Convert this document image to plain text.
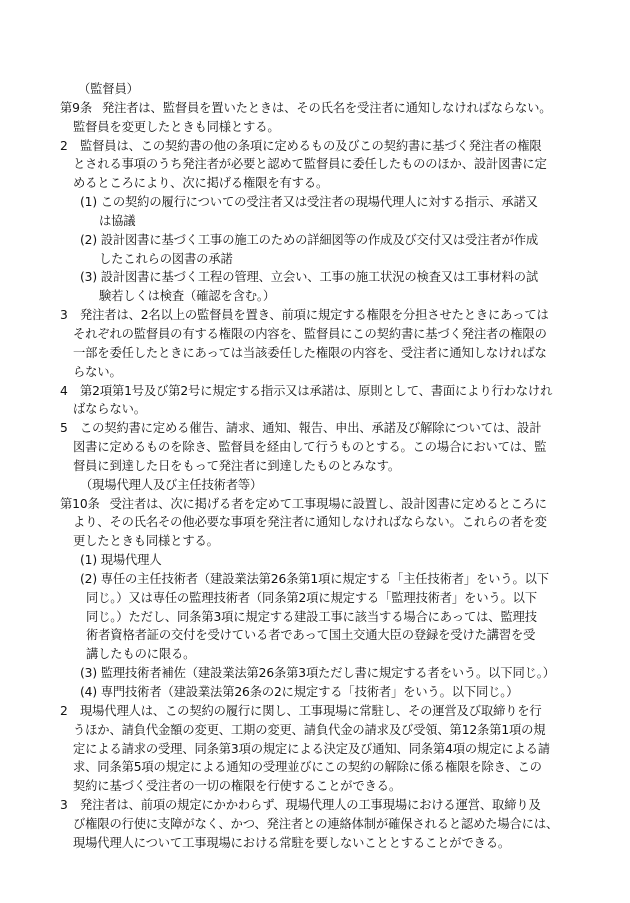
（監督員）
第9条 発注者は、監督員を置いたときは、その氏名を受注者に通知しなければならない。
監督員を変更したときも同様とする。
2 監督員は、この契約書の他の条項に定めるもの及びこの契約書に基づく発注者の権限
とされる事項のうち発注者が必要と認めて監督員に委任したもののほか、設計図書に定
めるところにより、次に掲げる権限を有する。
(1) この契約の履行についての受注者又は受注者の現場代理人に対する指示、承諾又
は協議
(2) 設計図書に基づく工事の施工のための詳細図等の作成及び交付又は受注者が作成
したこれらの図書の承諾
(3) 設計図書に基づく工程の管理、立会い、工事の施工状況の検査又は工事材料の試
験若しくは検査（確認を含む。）
3 発注者は、2名以上の監督員を置き、前項に規定する権限を分担させたときにあっては
それぞれの監督員の有する権限の内容を、監督員にこの契約書に基づく発注者の権限の
一部を委任したときにあっては当該委任した権限の内容を、受注者に通知しなければな
らない。
4 第2項第1号及び第2号に規定する指示又は承諾は、原則として、書面により行わなけれ
ばならない。
5 この契約書に定める催告、請求、通知、報告、申出、承諾及び解除については、設計
図書に定めるものを除き、監督員を経由して行うものとする。この場合においては、監
督員に到達した日をもって発注者に到達したものとみなす。
（現場代理人及び主任技術者等）
第10条 受注者は、次に掲げる者を定めて工事現場に設置し、設計図書に定めるところに
より、その氏名その他必要な事項を発注者に通知しなければならない。これらの者を変
更したときも同様とする。
(1) 現場代理人
(2) 専任の主任技術者（建設業法第26条第1項に規定する「主任技術者」をいう。以下
同じ。）又は専任の監理技術者（同条第2項に規定する「監理技術者」をいう。以下
同じ。）ただし、同条第3項に規定する建設工事に該当する場合にあっては、監理技
術者資格者証の交付を受けている者であって国土交通大臣の登録を受けた講習を受
講したものに限る。
(3) 監理技術者補佐（建設業法第26条第3項ただし書に規定する者をいう。以下同じ。）
(4) 専門技術者（建設業法第26条の2に規定する「技術者」をいう。以下同じ。）
2 現場代理人は、この契約の履行に関し、工事現場に常駐し、その運営及び取締りを行
うほか、請負代金額の変更、工期の変更、請負代金の請求及び受領、第12条第1項の規
定による請求の受理、同条第3項の規定による決定及び通知、同条第4項の規定による請
求、同条第5項の規定による通知の受理並びにこの契約の解除に係る権限を除き、この
契約に基づく受注者の一切の権限を行使することができる。
3 発注者は、前項の規定にかかわらず、現場代理人の工事現場における運営、取締り及
び権限の行使に支障がなく、かつ、発注者との連絡体制が確保されると認めた場合には、
現場代理人について工事現場における常駐を要しないこととすることができる。
